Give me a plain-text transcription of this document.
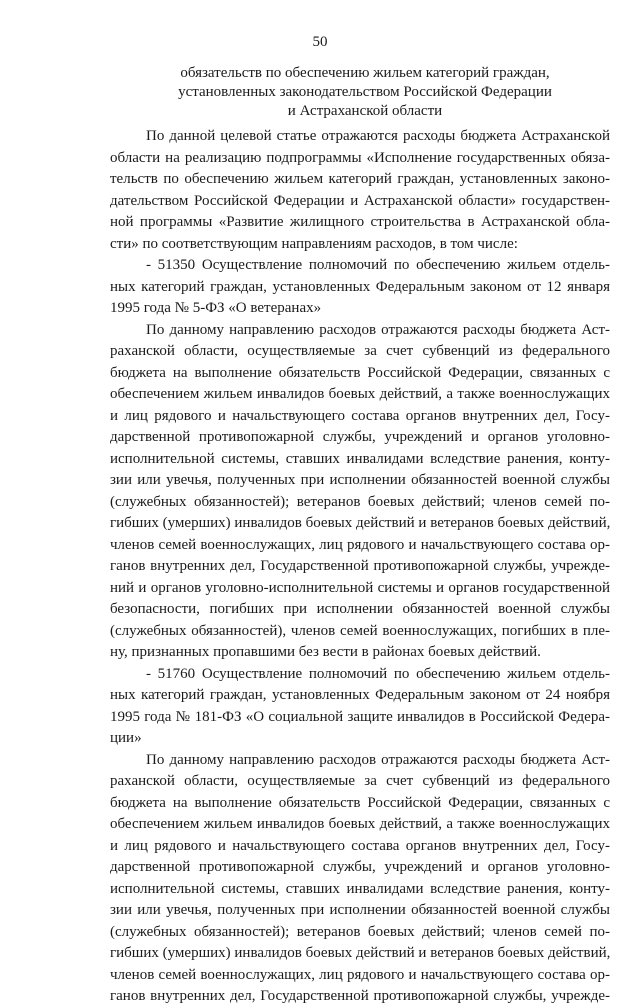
50
обязательств по обеспечению жильем категорий граждан,
установленных законодательством Российской Федерации
и Астраханской области
По данной целевой статье отражаются расходы бюджета Астраханской
области на реализацию подпрограммы «Исполнение государственных обяза-
тельств по обеспечению жильем категорий граждан, установленных законо-
дательством Российской Федерации и Астраханской области» государствен-
ной программы «Развитие жилищного строительства в Астраханской обла-
сти» по соответствующим направлениям расходов, в том числе:
- 51350 Осуществление полномочий по обеспечению жильем отдель-
ных категорий граждан, установленных Федеральным законом от 12 января
1995 года № 5-ФЗ «О ветеранах»
По данному направлению расходов отражаются расходы бюджета Аст-
раханской области, осуществляемые за счет субвенций из федерального
бюджета на выполнение обязательств Российской Федерации, связанных с
обеспечением жильем инвалидов боевых действий, а также военнослужащих
и лиц рядового и начальствующего состава органов внутренних дел, Госу-
дарственной противопожарной службы, учреждений и органов уголовно-
исполнительной системы, ставших инвалидами вследствие ранения, конту-
зии или увечья, полученных при исполнении обязанностей военной службы
(служебных обязанностей); ветеранов боевых действий; членов семей по-
гибших (умерших) инвалидов боевых действий и ветеранов боевых действий,
членов семей военнослужащих, лиц рядового и начальствующего состава ор-
ганов внутренних дел, Государственной противопожарной службы, учрежде-
ний и органов уголовно-исполнительной системы и органов государственной
безопасности, погибших при исполнении обязанностей военной службы
(служебных обязанностей), членов семей военнослужащих, погибших в пле-
ну, признанных пропавшими без вести в районах боевых действий.
- 51760 Осуществление полномочий по обеспечению жильем отдель-
ных категорий граждан, установленных Федеральным законом от 24 ноября
1995 года № 181-ФЗ «О социальной защите инвалидов в Российской Федера-
ции»
По данному направлению расходов отражаются расходы бюджета Аст-
раханской области, осуществляемые за счет субвенций из федерального
бюджета на выполнение обязательств Российской Федерации, связанных с
обеспечением жильем инвалидов боевых действий, а также военнослужащих
и лиц рядового и начальствующего состава органов внутренних дел, Госу-
дарственной противопожарной службы, учреждений и органов уголовно-
исполнительной системы, ставших инвалидами вследствие ранения, конту-
зии или увечья, полученных при исполнении обязанностей военной службы
(служебных обязанностей); ветеранов боевых действий; членов семей по-
гибших (умерших) инвалидов боевых действий и ветеранов боевых действий,
членов семей военнослужащих, лиц рядового и начальствующего состава ор-
ганов внутренних дел, Государственной противопожарной службы, учрежде-
